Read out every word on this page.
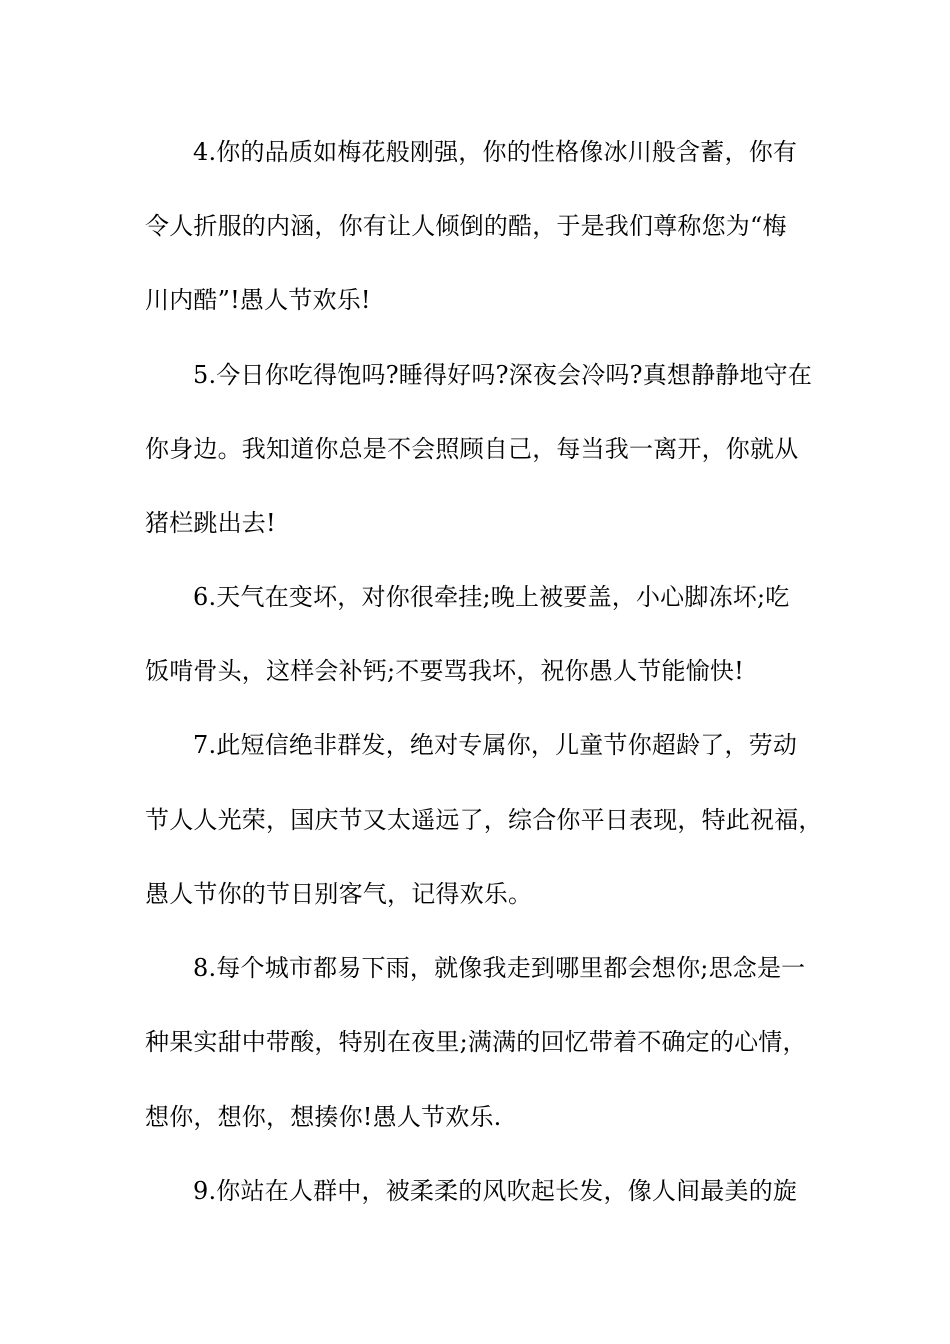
4.你的品质如梅花般刚强，你的性格像冰川般含蓄，你有

令人折服的内涵，你有让人倾倒的酷，于是我们尊称您为“梅

川内酷”!愚人节欢乐!

5.今日你吃得饱吗?睡得好吗?深夜会冷吗?真想静静地守在

你身边。我知道你总是不会照顾自己，每当我一离开，你就从

猪栏跳出去!

6.天气在变坏，对你很牵挂;晚上被要盖，小心脚冻坏;吃

饭啃骨头，这样会补钙;不要骂我坏，祝你愚人节能愉快!

7.此短信绝非群发，绝对专属你，儿童节你超龄了，劳动

节人人光荣，国庆节又太遥远了，综合你平日表现，特此祝福，

愚人节你的节日别客气，记得欢乐。

8.每个城市都易下雨，就像我走到哪里都会想你;思念是一

种果实甜中带酸，特别在夜里;满满的回忆带着不确定的心情，

想你，想你，想揍你!愚人节欢乐.

9.你站在人群中，被柔柔的风吹起长发，像人间最美的旋
